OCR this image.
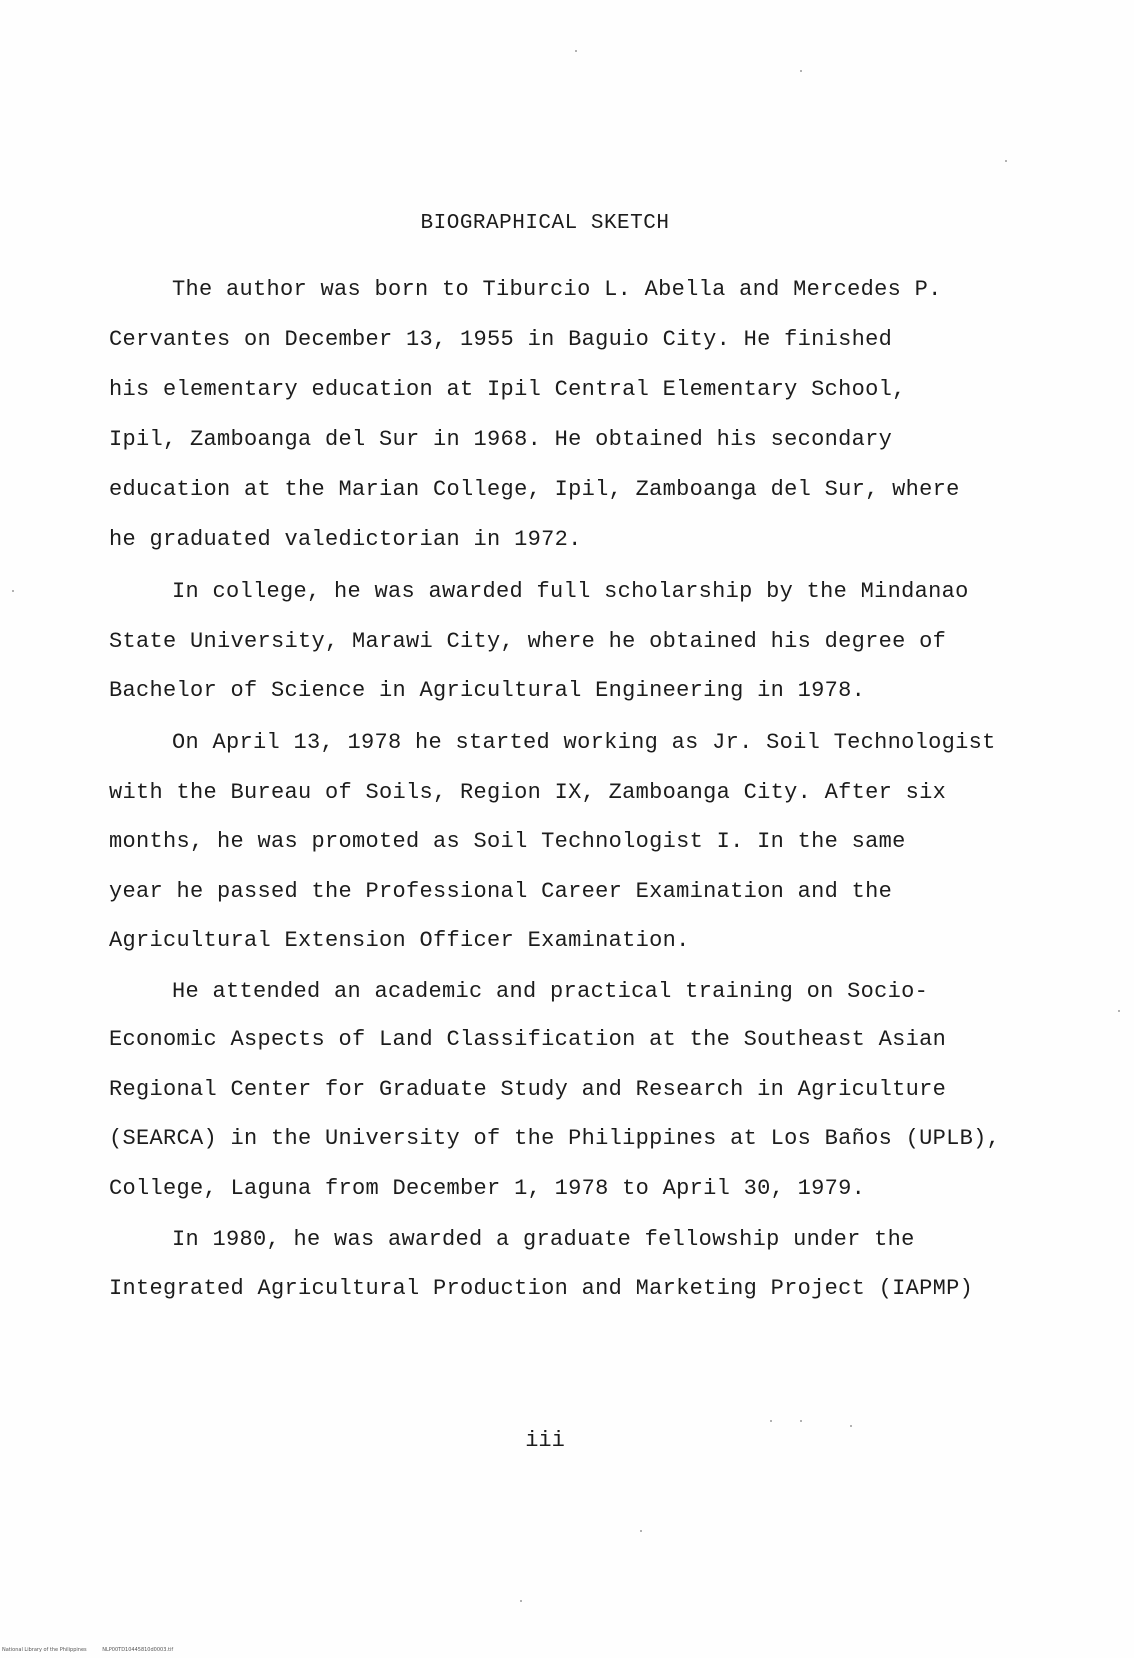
BIOGRAPHICAL SKETCH
The author was born to Tiburcio L. Abella and Mercedes P.
Cervantes on December 13, 1955 in Baguio City. He finished
his elementary education at Ipil Central Elementary School,
Ipil, Zamboanga del Sur in 1968. He obtained his secondary
education at the Marian College, Ipil, Zamboanga del Sur, where
he graduated valedictorian in 1972.
In college, he was awarded full scholarship by the Mindanao
State University, Marawi City, where he obtained his degree of
Bachelor of Science in Agricultural Engineering in 1978.
On April 13, 1978 he started working as Jr. Soil Technologist
with the Bureau of Soils, Region IX, Zamboanga City. After six
months, he was promoted as Soil Technologist I. In the same
year he passed the Professional Career Examination and the
Agricultural Extension Officer Examination.
He attended an academic and practical training on Socio-
Economic Aspects of Land Classification at the Southeast Asian
Regional Center for Graduate Study and Research in Agriculture
(SEARCA) in the University of the Philippines at Los Baños (UPLB),
College, Laguna from December 1, 1978 to April 30, 1979.
In 1980, he was awarded a graduate fellowship under the
Integrated Agricultural Production and Marketing Project (IAPMP)
iii
National Library of the Philippines	NLP00TD10445810d0003.tif
